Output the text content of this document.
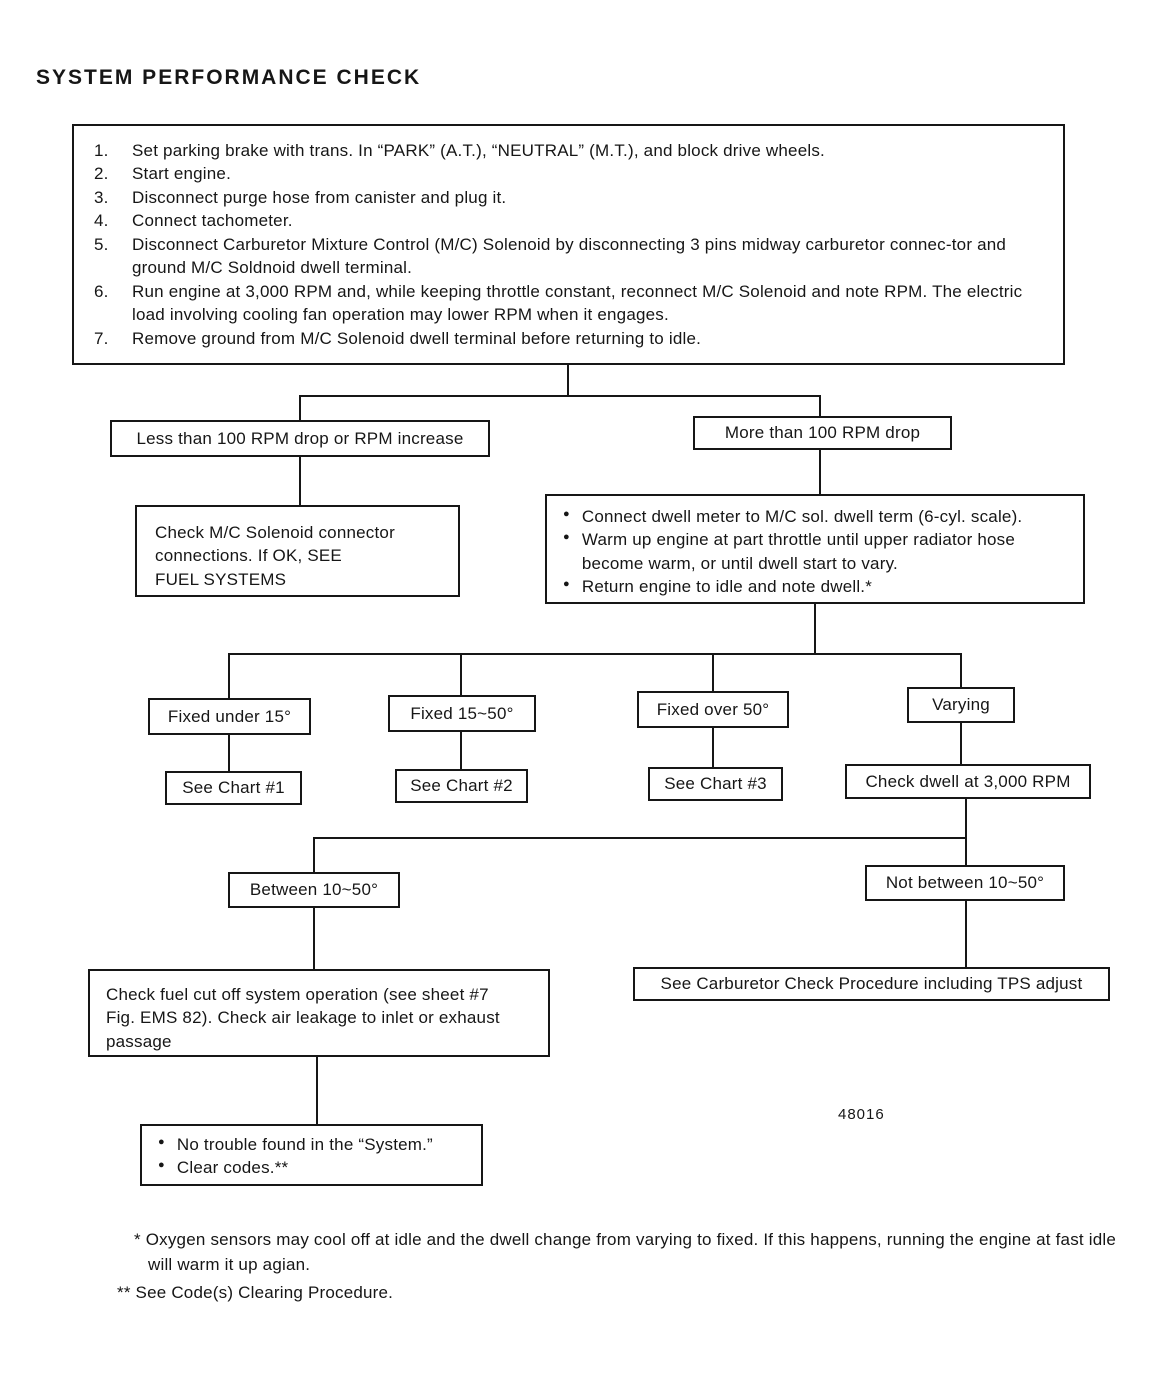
SYSTEM PERFORMANCE CHECK
1.	Set parking brake with trans. In “PARK” (A.T.), “NEUTRAL” (M.T.), and block drive wheels.
2.	Start engine.
3.	Disconnect purge hose from canister and plug it.
4.	Connect tachometer.
5.	Disconnect Carburetor Mixture Control (M/C) Solenoid by disconnecting 3 pins midway carburetor connec-tor and ground M/C Soldnoid dwell terminal.
6.	Run engine at 3,000 RPM and, while keeping throttle constant, reconnect M/C Solenoid and note RPM. The electric load involving cooling fan operation may lower RPM when it engages.
7.	Remove ground from M/C Solenoid dwell terminal before returning to idle.
Less than 100 RPM drop or RPM increase	More than 100 RPM drop
Check M/C Solenoid connector
connections. If OK, SEE
FUEL SYSTEMS
● Connect dwell meter to M/C sol. dwell term (6-cyl. scale).
● Warm up engine at part throttle until upper radiator hose become warm, or until dwell start to vary.
● Return engine to idle and note dwell.*
Fixed under 15°	Fixed 15~50°	Fixed over 50°	Varying
See Chart #1	See Chart #2	See Chart #3	Check dwell at 3,000 RPM
Between 10~50°	Not between 10~50°
Check fuel cut off system operation (see sheet #7
Fig. EMS 82). Check air leakage to inlet or exhaust
passage
See Carburetor Check Procedure including TPS adjust
● No trouble found in the “System.”
● Clear codes.**
48016
* Oxygen sensors may cool off at idle and the dwell change from varying to fixed. If this happens, running the engine at fast idle will warm it up agian.
** See Code(s) Clearing Procedure.
